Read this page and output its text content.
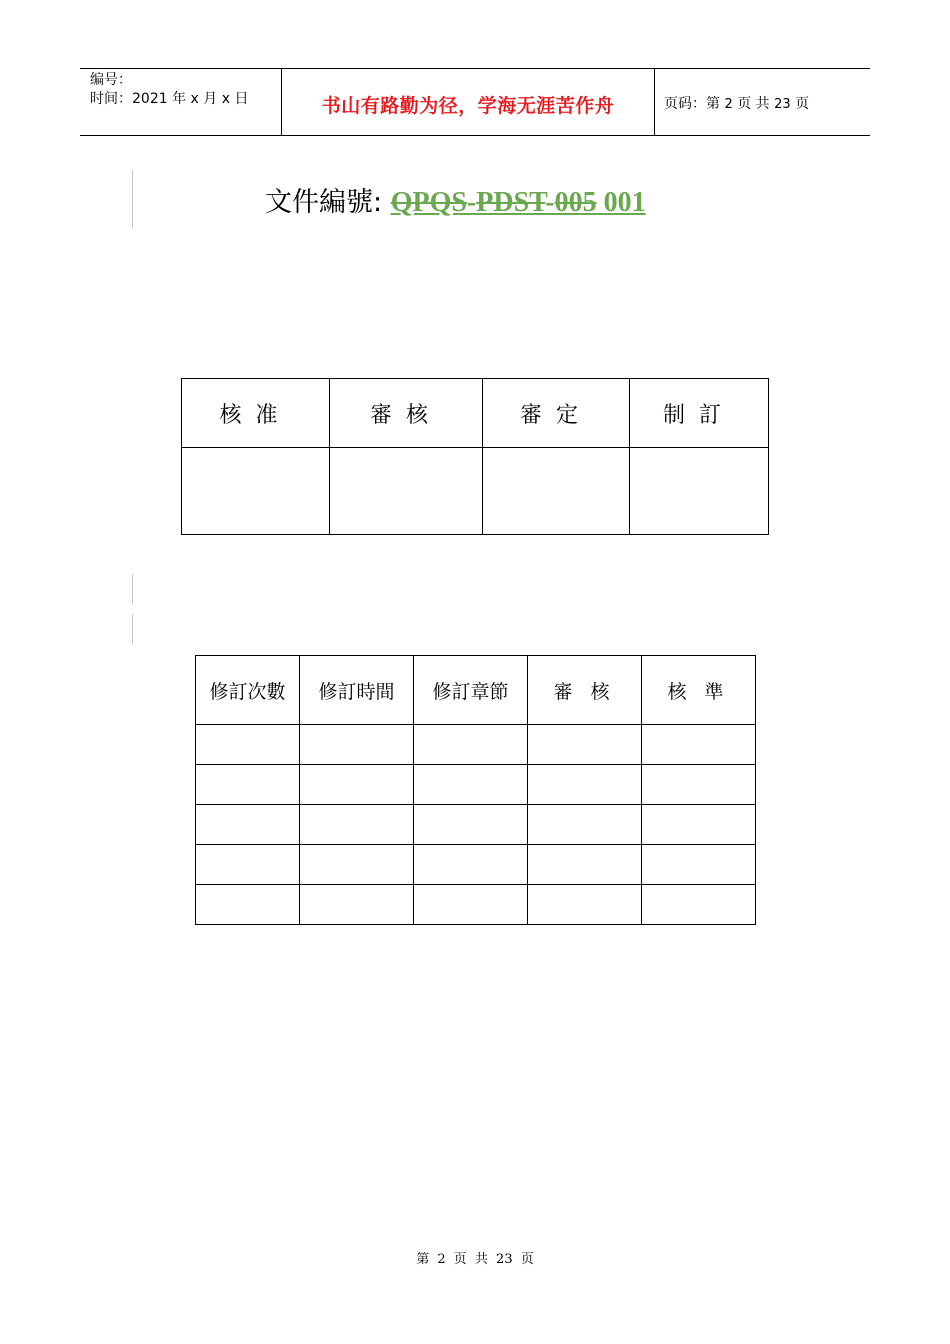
编号：
时间：2021 年 x 月 x 日	书山有路勤为径，学海无涯苦作舟	页码：第 2 页 共 23 页
文件編號: QPQS-PDST-005 001
核准	審核	審定	制訂

修訂次數	修訂時間	修訂章節	審 核	核 準

第 2 页 共 23 页
